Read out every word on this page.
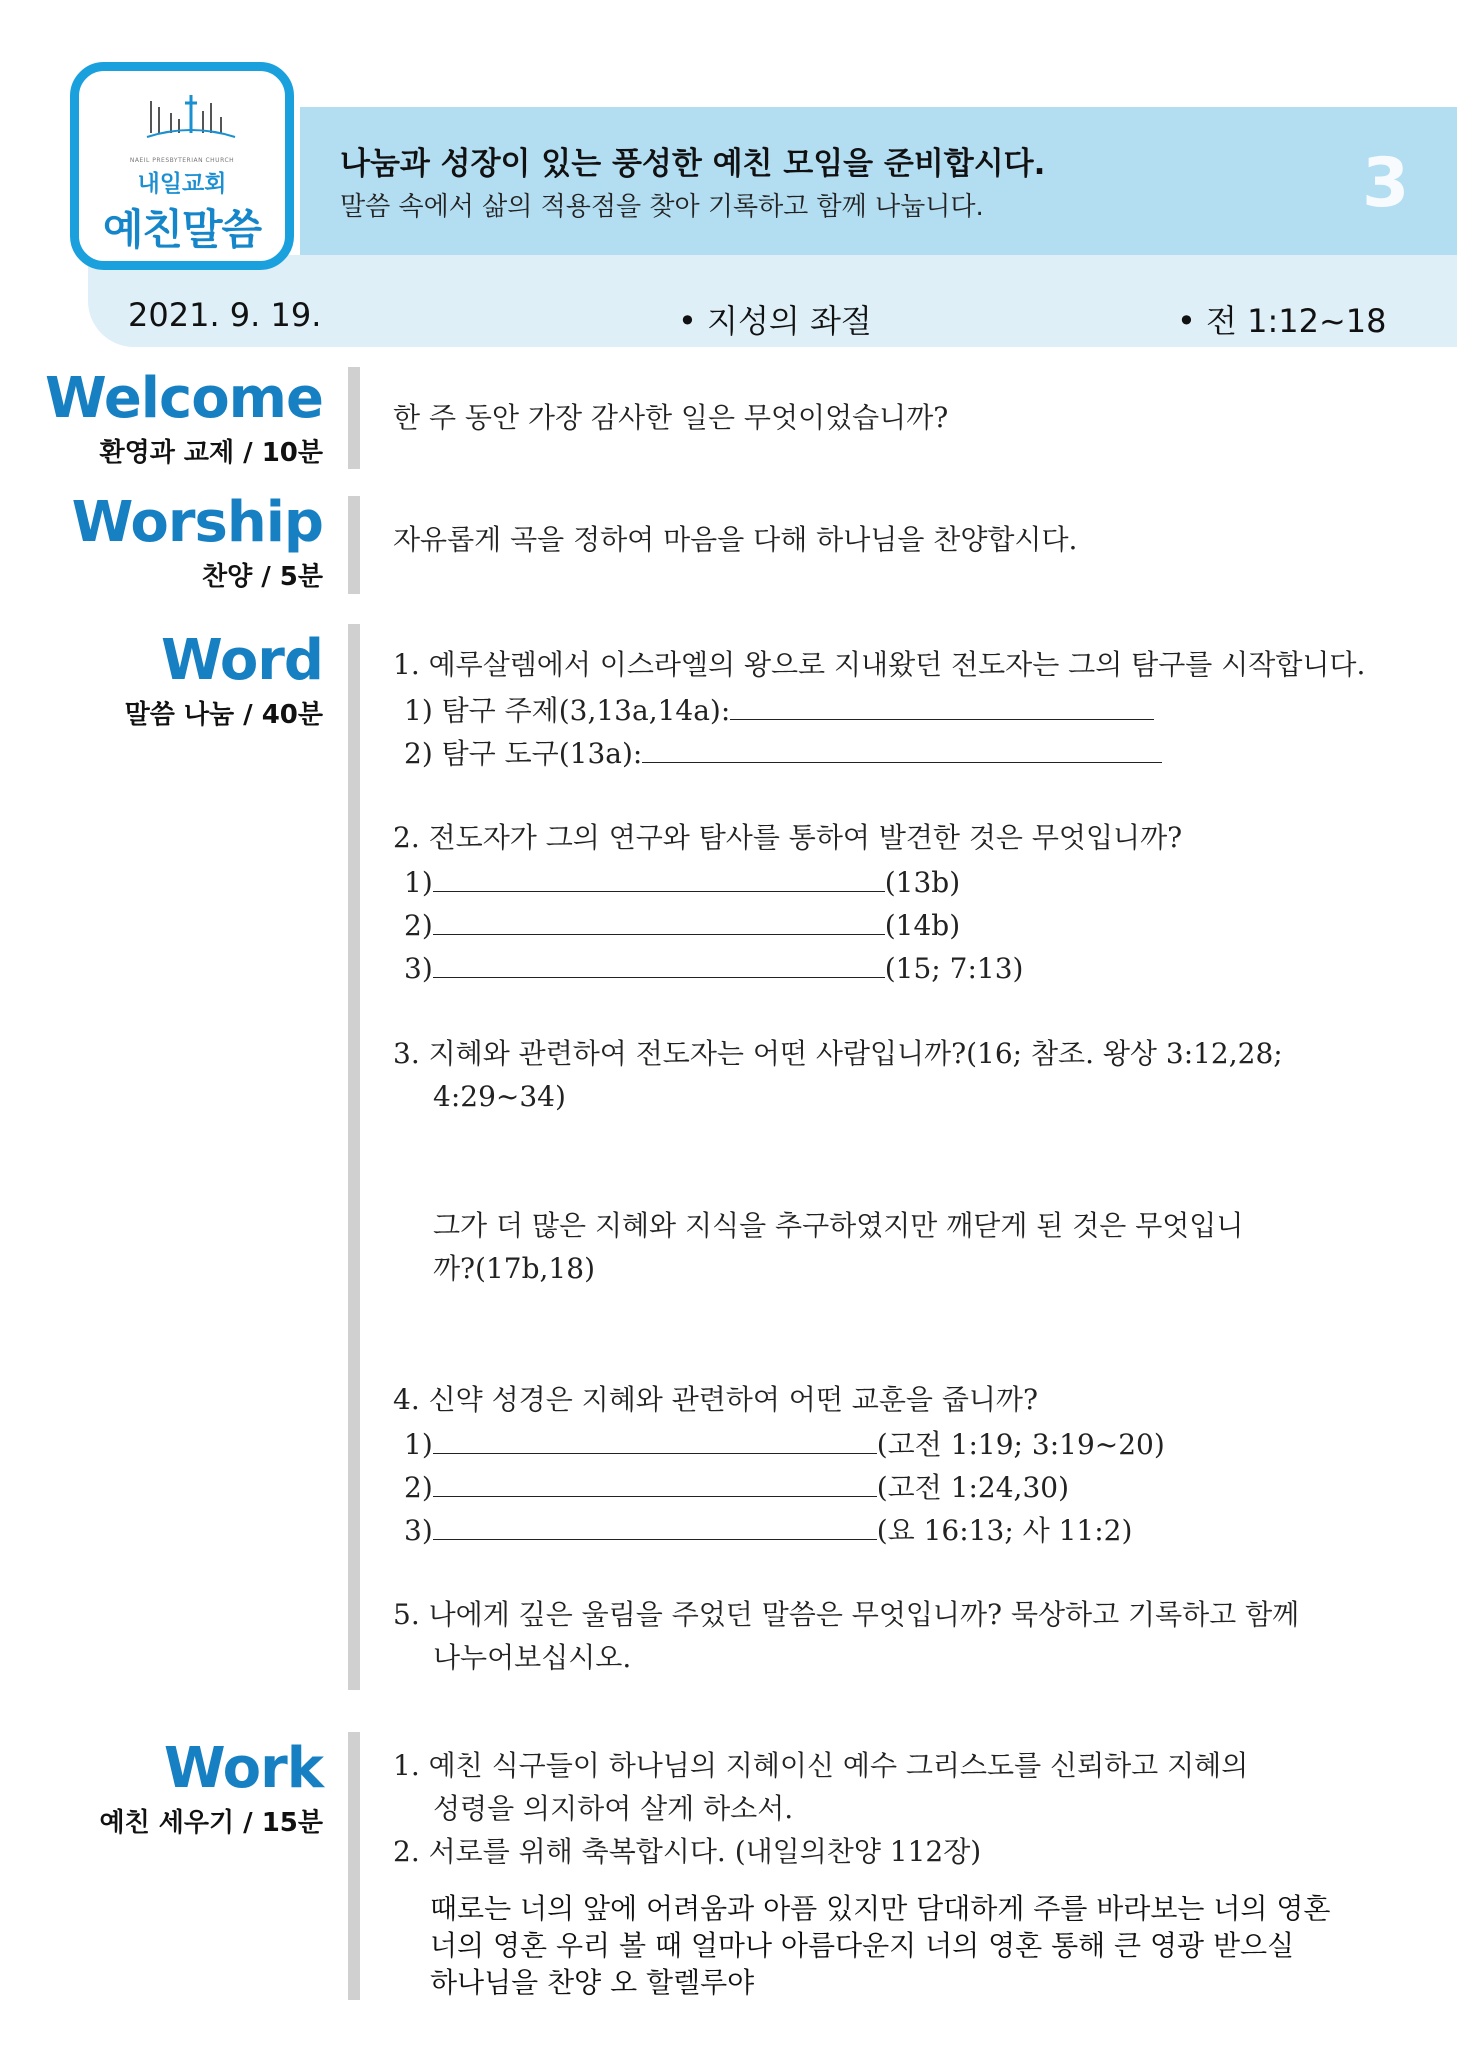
NAEIL PRESBYTERIAN CHURCH
내일교회
예친말씀
나눔과 성장이 있는 풍성한 예친 모임을 준비합시다.
말씀 속에서 삶의 적용점을 찾아 기록하고 함께 나눕니다.	3
2021. 9. 19.	• 지성의 좌절	• 전 1:12~18
Welcome
환영과 교제 / 10분
한 주 동안 가장 감사한 일은 무엇이었습니까?
Worship
찬양 / 5분
자유롭게 곡을 정하여 마음을 다해 하나님을 찬양합시다.
Word
말씀 나눔 / 40분
1. 예루살렘에서 이스라엘의 왕으로 지내왔던 전도자는 그의 탐구를 시작합니다.
1) 탐구 주제(3,13a,14a):
2) 탐구 도구(13a):
2. 전도자가 그의 연구와 탐사를 통하여 발견한 것은 무엇입니까?
1)	(13b)
2)	(14b)
3)	(15; 7:13)
3. 지혜와 관련하여 전도자는 어떤 사람입니까?(16; 참조. 왕상 3:12,28;
4:29~34)
그가 더 많은 지혜와 지식을 추구하였지만 깨닫게 된 것은 무엇입니
까?(17b,18)
4. 신약 성경은 지혜와 관련하여 어떤 교훈을 줍니까?
1)	(고전 1:19; 3:19~20)
2)	(고전 1:24,30)
3)	(요 16:13; 사 11:2)
5. 나에게 깊은 울림을 주었던 말씀은 무엇입니까? 묵상하고 기록하고 함께
나누어보십시오.
Work
예친 세우기 / 15분
1. 예친 식구들이 하나님의 지혜이신 예수 그리스도를 신뢰하고 지혜의
성령을 의지하여 살게 하소서.
2. 서로를 위해 축복합시다. (내일의찬양 112장)
때로는 너의 앞에 어려움과 아픔 있지만 담대하게 주를 바라보는 너의 영혼
너의 영혼 우리 볼 때 얼마나 아름다운지 너의 영혼 통해 큰 영광 받으실
하나님을 찬양 오 할렐루야
